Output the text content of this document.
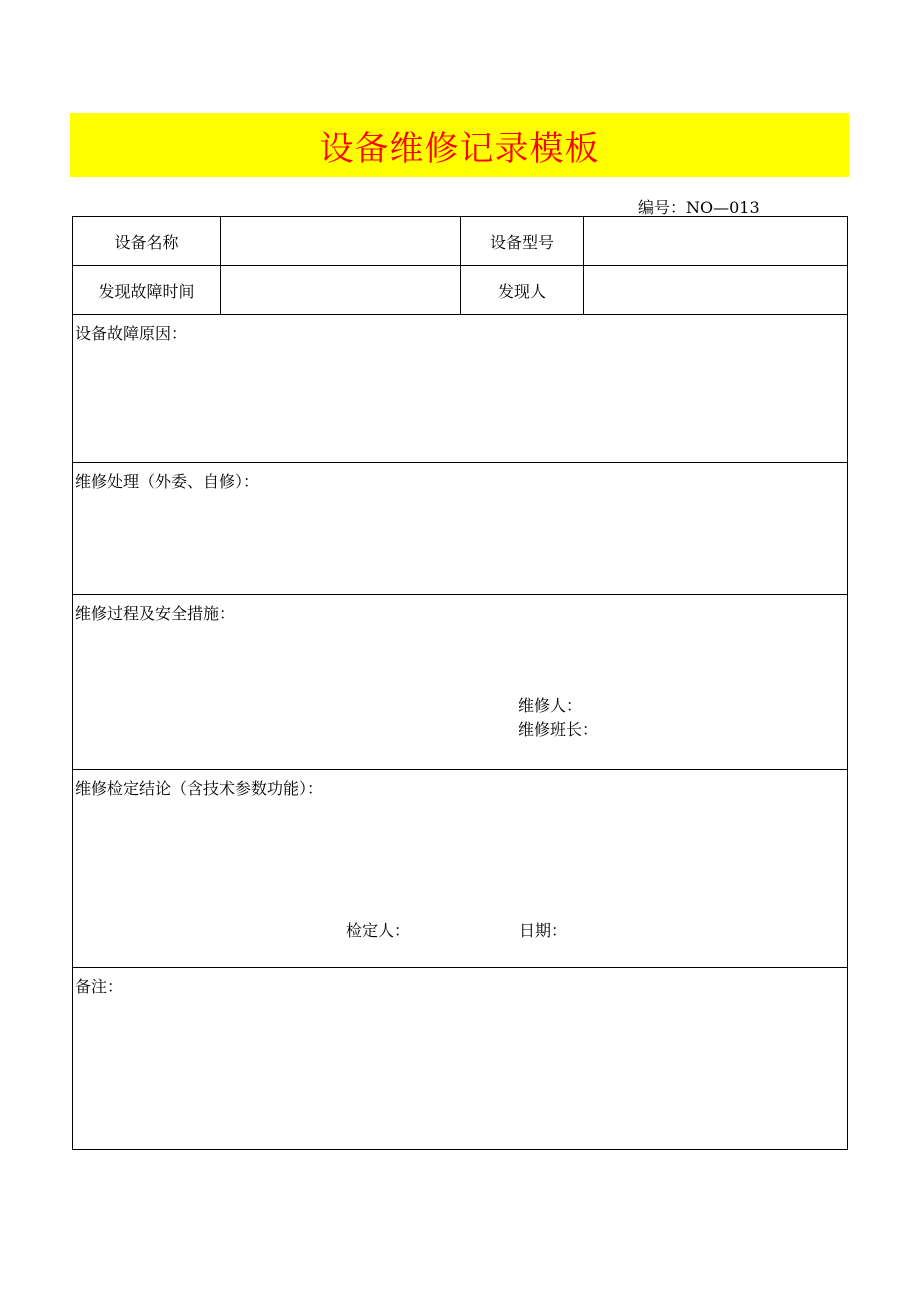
设备维修记录模板
编号：NO—013
设备名称		设备型号	
发现故障时间		发现人	

设备故障原因：			

维修处理（外委、自修）：			

维修过程及安全措施：
维修人：
维修班长：			

维修检定结论（含技术参数功能）：
检定人： 日期：			

备注：			
